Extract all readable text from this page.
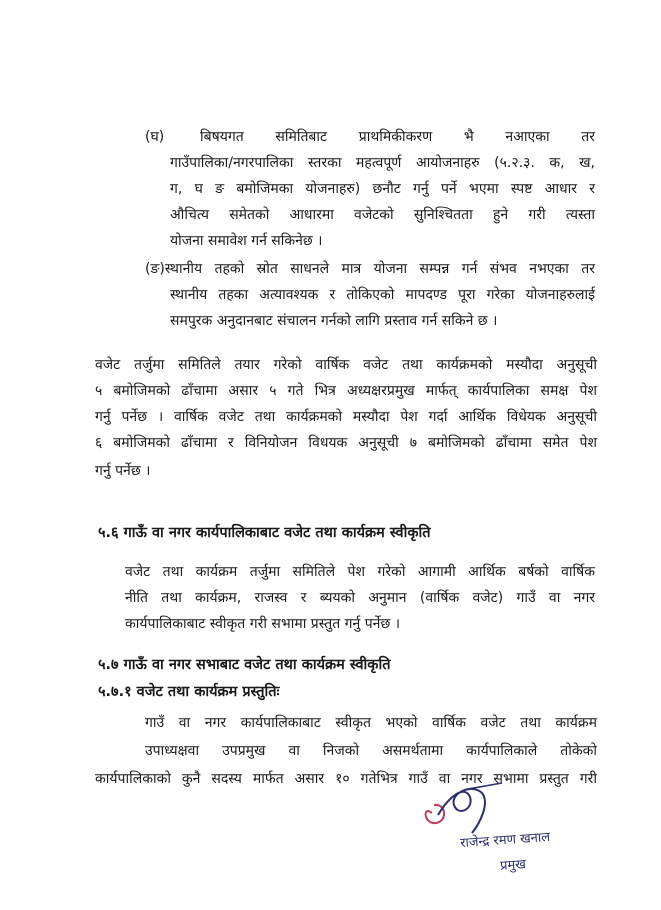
(घ)	बिषयगत समितिबाट प्राथमिकीकरण भै नआएका तर
गाउँपालिका/नगरपालिका स्तरका महत्वपूर्ण आयोजनाहरु (५.२.३. क, ख,
ग, घ ङ बमोजिमका योजनाहरु) छनौट गर्नु पर्ने भएमा स्पष्ट आधार र
औचित्य समेतको आधारमा वजेटको सुनिश्चितता हुने गरी त्यस्ता
योजना समावेश गर्न सकिनेछ ।
(ङ)स्थानीय तहको स्रोत साधनले मात्र योजना सम्पन्न गर्न संभव नभएका तर
स्थानीय तहका अत्यावश्यक र तोकिएको मापदण्ड पूरा गरेका योजनाहरुलाई
समपुरक अनुदानबाट संचालन गर्नको लागि प्रस्ताव गर्न सकिने छ ।
वजेट तर्जुमा समितिले तयार गरेको वार्षिक वजेट तथा कार्यक्रमको मस्यौदा अनुसूची
५ बमोजिमको ढाँचामा असार ५ गते भित्र अध्यक्षरप्रमुख मार्फत् कार्यपालिका समक्ष पेश
गर्नु पर्नेछ । वार्षिक वजेट तथा कार्यक्रमको मस्यौदा पेश गर्दा आर्थिक विधेयक अनुसूची
६ बमोजिमको ढाँचामा र विनियोजन विधयक अनुसूची ७ बमोजिमको ढाँचामा समेत पेश
गर्नु पर्नेछ ।
५.६ गाऊँ वा नगर कार्यपालिकाबाट वजेट तथा कार्यक्रम स्वीकृति
वजेट तथा कार्यक्रम तर्जुमा समितिले पेश गरेको आगामी आर्थिक बर्षको वार्षिक
नीति तथा कार्यक्रम, राजस्व र ब्ययको अनुमान (वार्षिक वजेट) गाउँ वा नगर
कार्यपालिकाबाट स्वीकृत गरी सभामा प्रस्तुत गर्नु पर्नेछ ।
५.७ गाऊँ वा नगर सभाबाट वजेट तथा कार्यक्रम स्वीकृति
५.७.१ वजेट तथा कार्यक्रम प्रस्तुतिः
गाउँ वा नगर कार्यपालिकाबाट स्वीकृत भएको वार्षिक वजेट तथा कार्यक्रम
उपाध्यक्षवा उपप्रमुख वा निजको असमर्थतामा कार्यपालिकाले तोकेको
कार्यपालिकाको कुनै सदस्य मार्फत असार १० गतेभित्र गाउँ वा नगर सभामा प्रस्तुत गरी
राजेन्द्र रमण खनाल
प्रमुख
